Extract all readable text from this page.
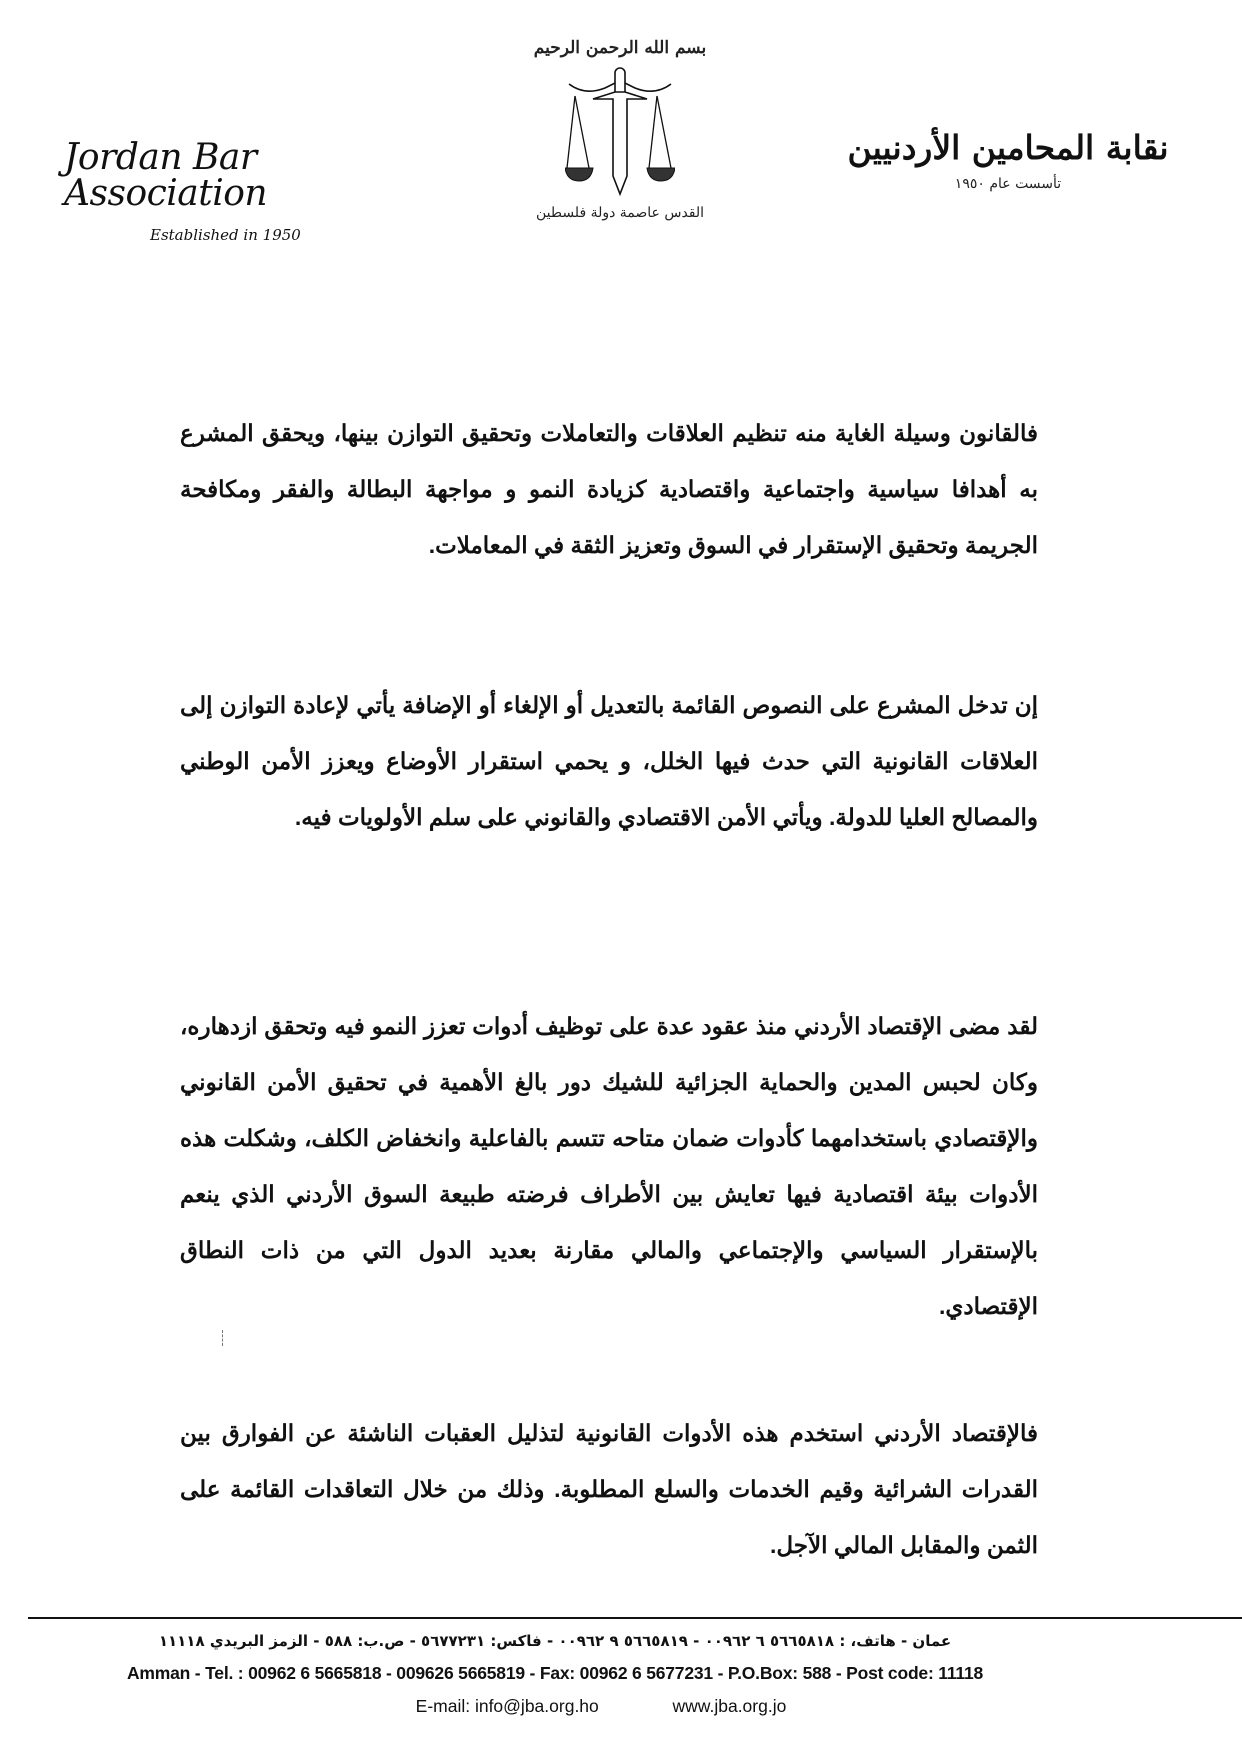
Jordan Bar Association
Established in 1950
بسم الله الرحمن الرحيم
القدس عاصمة دولة فلسطين
نقابة المحامين الأردنيين
تأسست عام ١٩٥٠

فالقانون وسيلة الغاية منه تنظيم العلاقات والتعاملات وتحقيق التوازن بينها، ويحقق المشرع به أهدافا سياسية واجتماعية واقتصادية كزيادة النمو و مواجهة البطالة والفقر ومكافحة الجريمة وتحقيق الإستقرار في السوق وتعزيز الثقة في المعاملات.

إن تدخل المشرع على النصوص القائمة بالتعديل أو الإلغاء أو الإضافة يأتي لإعادة التوازن إلى العلاقات القانونية التي حدث فيها الخلل، و يحمي استقرار الأوضاع ويعزز الأمن الوطني والمصالح العليا للدولة. ويأتي الأمن الاقتصادي والقانوني على سلم الأولويات فيه.

لقد مضى الإقتصاد الأردني منذ عقود عدة على توظيف أدوات تعزز النمو فيه وتحقق ازدهاره، وكان لحبس المدين والحماية الجزائية للشيك دور بالغ الأهمية في تحقيق الأمن القانوني والإقتصادي باستخدامهما كأدوات ضمان متاحه تتسم بالفاعلية وانخفاض الكلف، وشكلت هذه الأدوات بيئة اقتصادية فيها تعايش بين الأطراف فرضته طبيعة السوق الأردني الذي ينعم بالإستقرار السياسي والإجتماعي والمالي مقارنة بعديد الدول التي من ذات النطاق الإقتصادي.

فالإقتصاد الأردني استخدم هذه الأدوات القانونية لتذليل العقبات الناشئة عن الفوارق بين القدرات الشرائية وقيم الخدمات والسلع المطلوبة. وذلك من خلال التعاقدات القائمة على الثمن والمقابل المالي الآجل.

عمان - هاتف، : ٥٦٦٥٨١٨ ٦ ٠٠٩٦٢ - ٥٦٦٥٨١٩ ٩ ٠٠٩٦٢ - فاكس: ٥٦٧٧٢٣١ - ص.ب: ٥٨٨ - الزمز البريدي ١١١١٨
Amman - Tel. : 00962 6 5665818 - 009626 5665819 - Fax: 00962 6 5677231 - P.O.Box: 588 - Post code: 11118
E-mail: info@jba.org.ho	www.jba.org.jo
